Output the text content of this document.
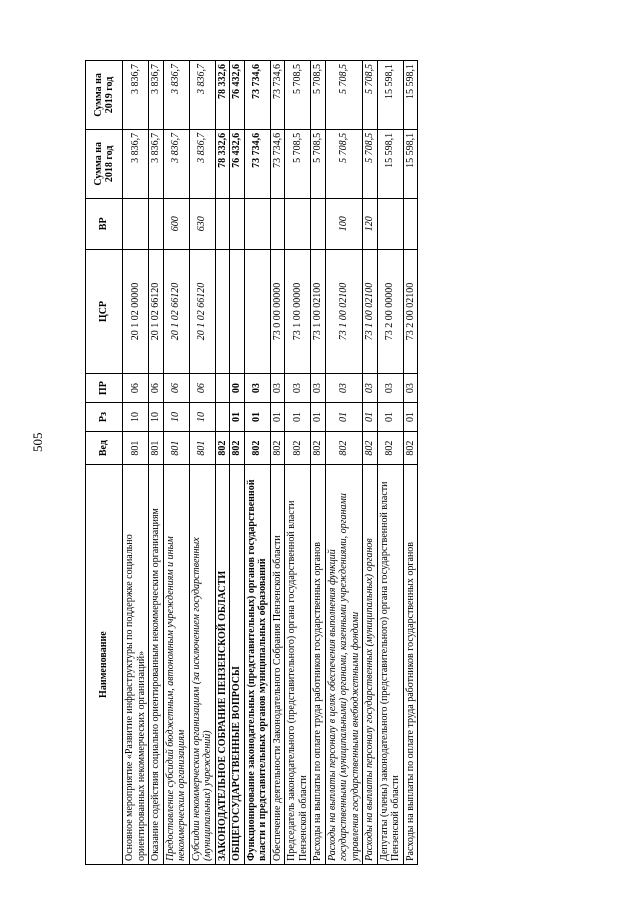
505
Наименование	Вед	Рз	ПР	ЦСР	ВР	Сумма на 2018 год	Сумма на 2019 год
Основное мероприятие «Развитие инфраструктуры по поддержке социально ориентированных некоммерческих организаций»	801	10	06	20 1 02 00000		3 836,7	3 836,7
Оказание содействия социально ориентированным некоммерческим организациям	801	10	06	20 1 02 66120		3 836,7	3 836,7
Предоставление субсидий бюджетным, автономным учреждениям и иным некоммерческим организациям	801	10	06	20 1 02 66120	600	3 836,7	3 836,7
Субсидии некоммерческим организациям (за исключением государственных (муниципальных) учреждений)	801	10	06	20 1 02 66120	630	3 836,7	3 836,7
ЗАКОНОДАТЕЛЬНОЕ СОБРАНИЕ ПЕНЗЕНСКОЙ ОБЛАСТИ	802					78 332,6	78 332,6
ОБЩЕГОСУДАРСТВЕННЫЕ ВОПРОСЫ	802	01	00			76 432,6	76 432,6
Функционирование законодательных (представительных) органов государственной власти и представительных органов муниципальных образований	802	01	03			73 734,6	73 734,6
Обеспечение деятельности Законодательного Собрания Пензенской области	802	01	03	73 0 00 00000		73 734,6	73 734,6
Председатель законодательного (представительного) органа государственной власти Пензенской области	802	01	03	73 1 00 00000		5 708,5	5 708,5
Расходы на выплаты по оплате труда работников государственных органов	802	01	03	73 1 00 02100		5 708,5	5 708,5
Расходы на выплаты персоналу в целях обеспечения выполнения функций государственными (муниципальными) органами, казенными учреждениями, органами управления государственными внебюджетными фондами	802	01	03	73 1 00 02100	100	5 708,5	5 708,5
Расходы на выплаты персоналу государственных (муниципальных) органов	802	01	03	73 1 00 02100	120	5 708,5	5 708,5
Депутаты (члены) законодательного (представительного) органа государственной власти Пензенской области	802	01	03	73 2 00 00000		15 598,1	15 598,1
Расходы на выплаты по оплате труда работников государственных органов	802	01	03	73 2 00 02100		15 598,1	15 598,1
